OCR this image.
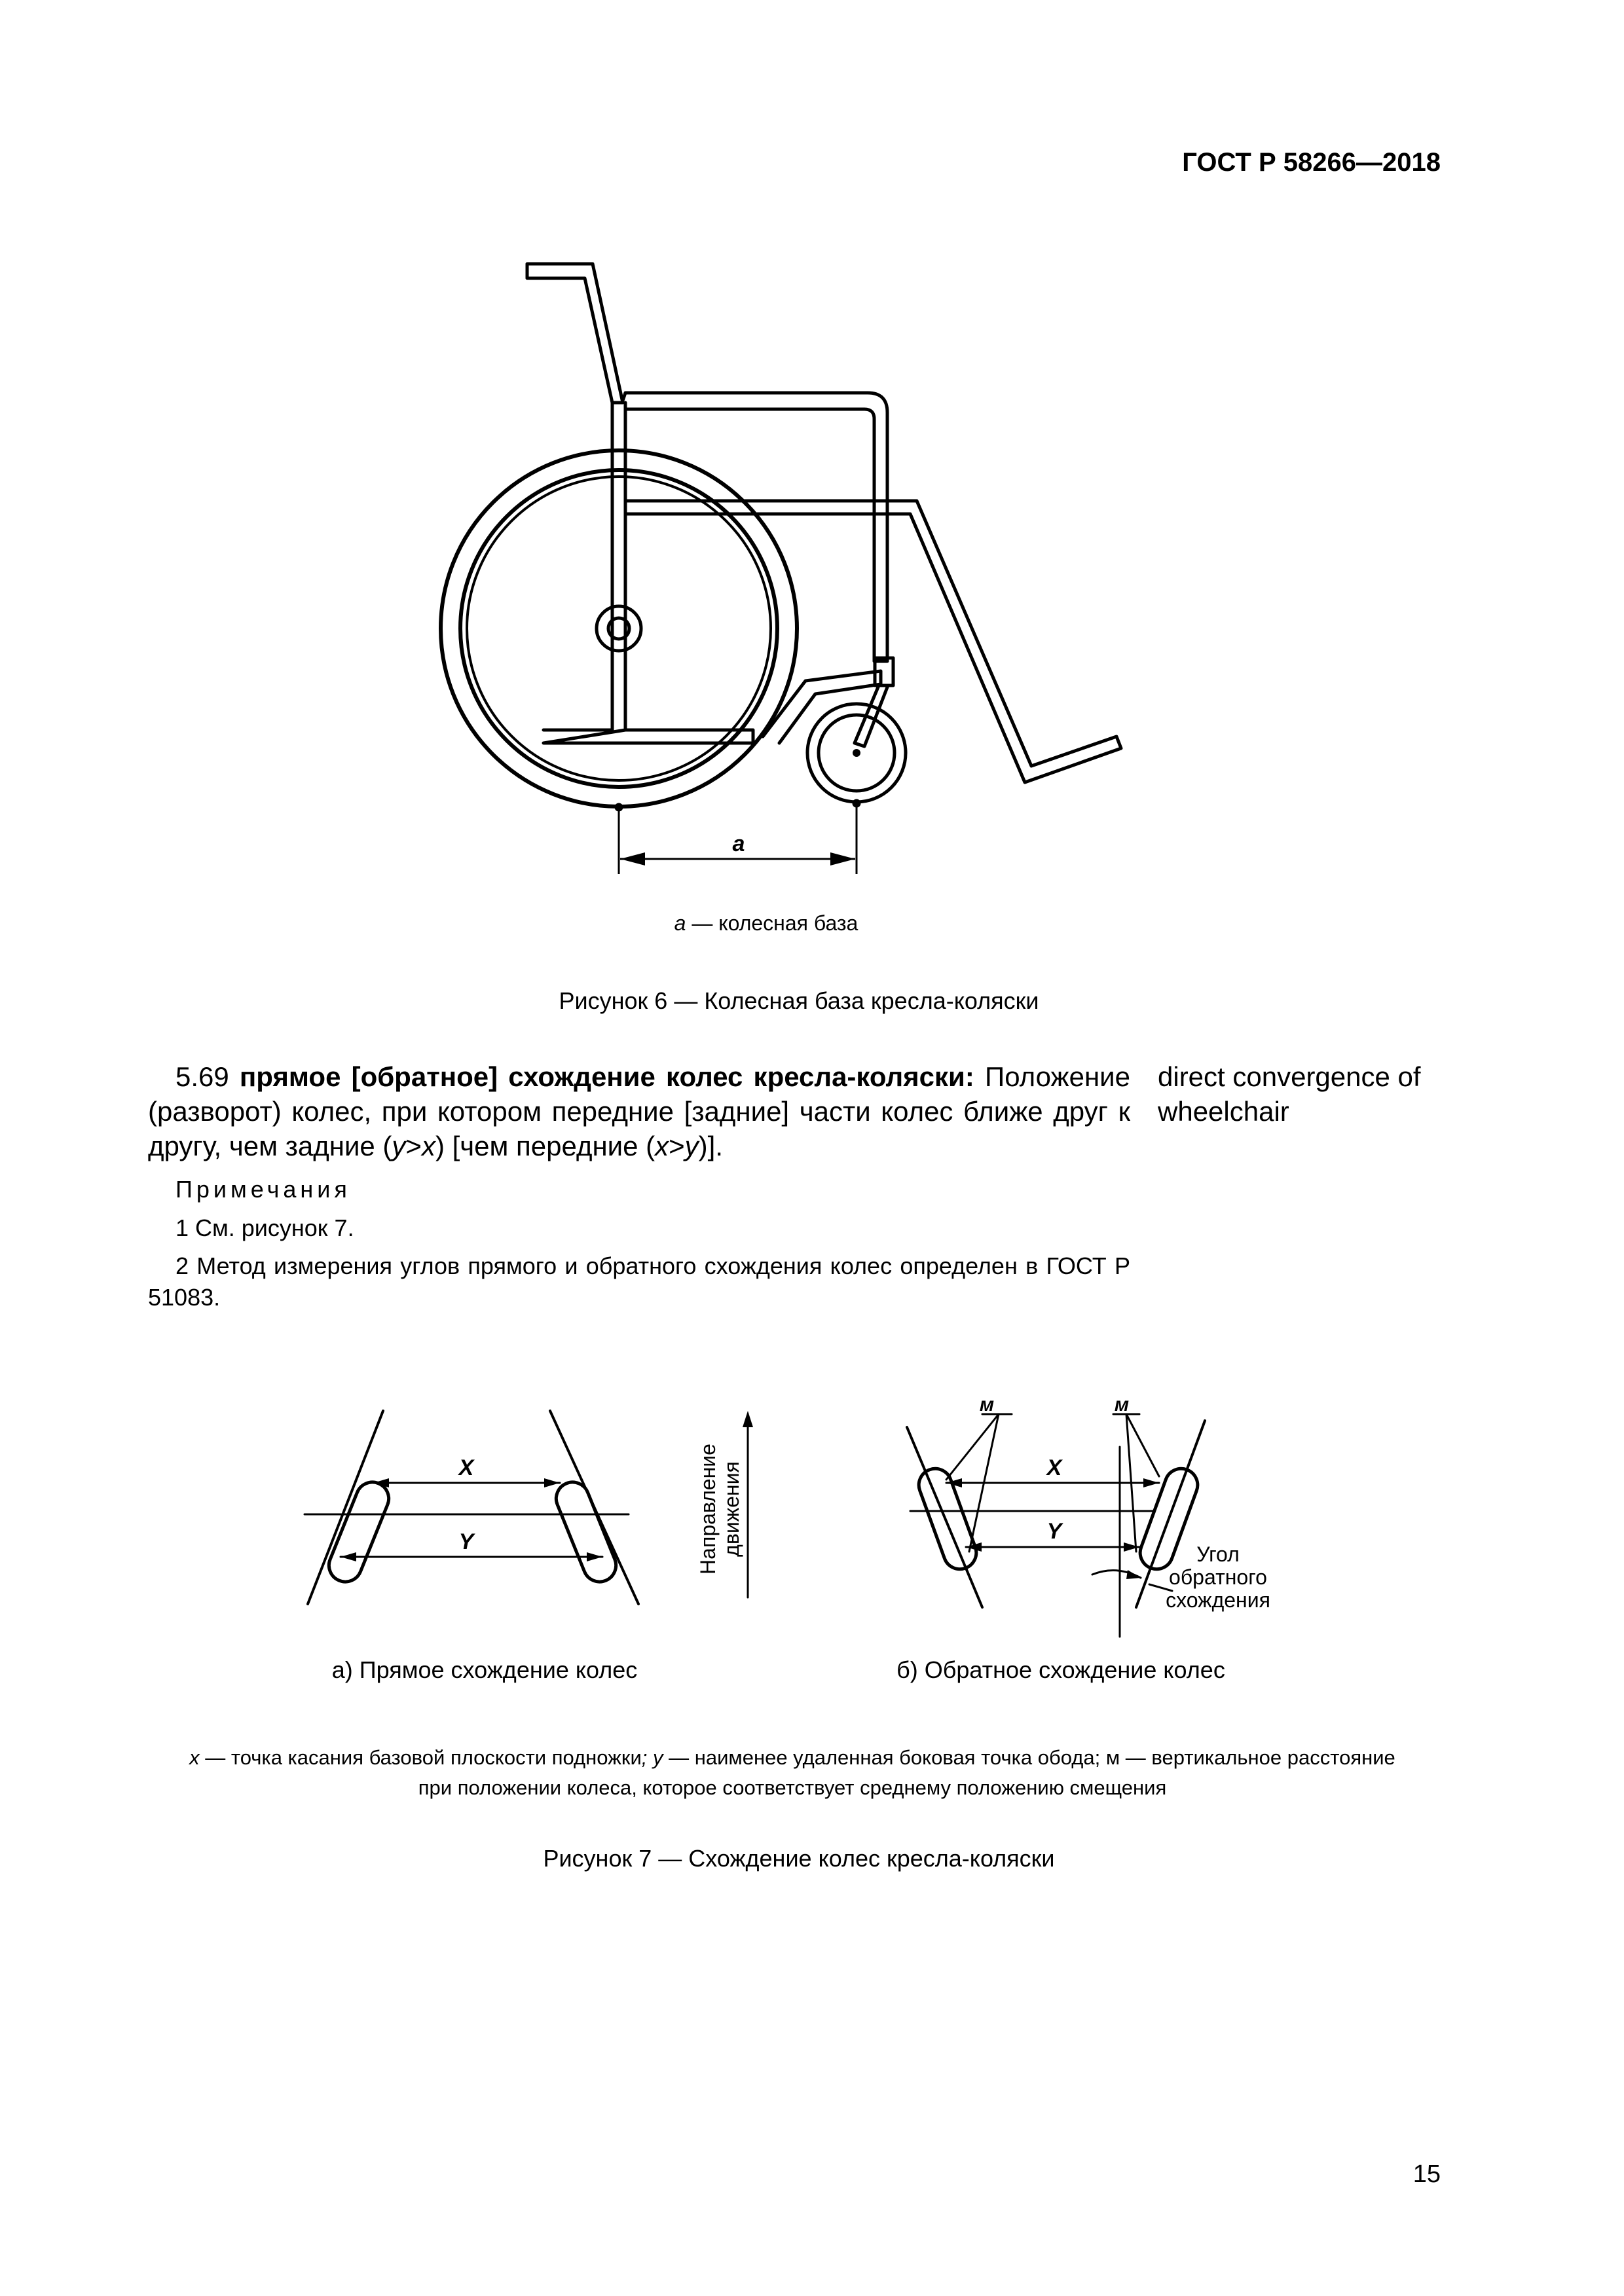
ГОСТ Р 58266—2018
a
a — колесная база
Рисунок 6 — Колесная база кресла-коляски
5.69 прямое [обратное] схождение колес кресла-коляски: Положение (разворот) колес, при котором передние [задние] части колес ближе друг к другу, чем задние (y>x) [чем передние (x>y)].
direct convergence of wheelchair
Примечания
1 См. рисунок 7.
2 Метод измерения углов прямого и обратного схождения колес определен в ГОСТ Р 51083.
X
Y
X
Y
м	м
Направление движения	Угол
обратного
схождения
а) Прямое схождение колес	б) Обратное схождение колес
x — точка касания базовой плоскости подножки; y — наименее удаленная боковая точка обода; м — вертикальное расстояние
при положении колеса, которое соответствует среднему положению смещения
Рисунок 7 — Схождение колес кресла-коляски
15
